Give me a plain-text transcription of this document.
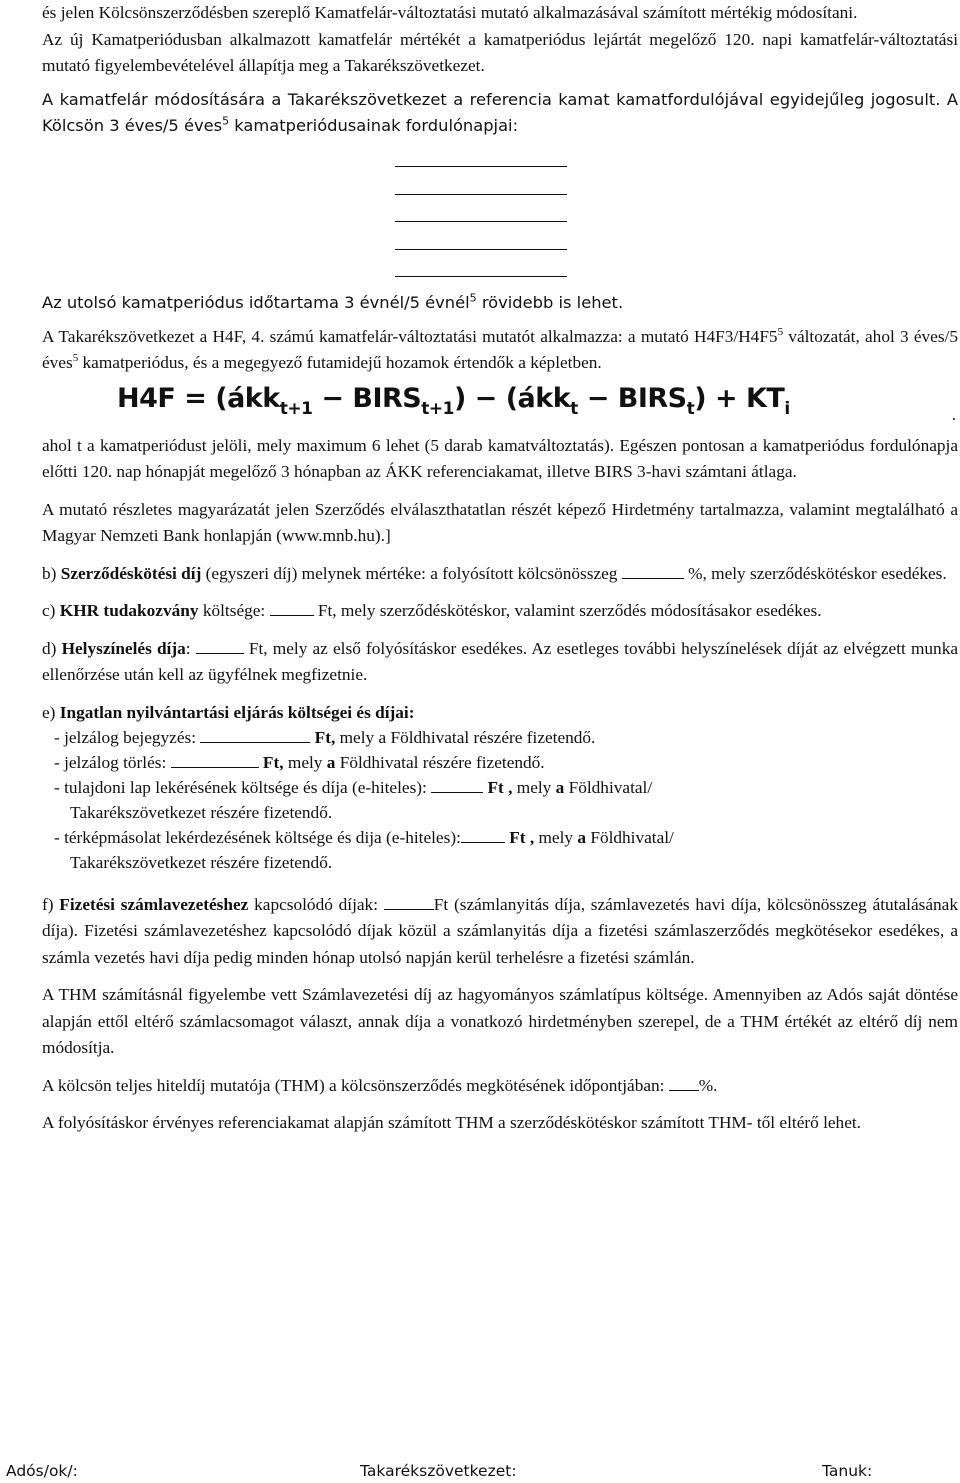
és jelen Kölcsönszerződésben szereplő Kamatfelár-változtatási mutató alkalmazásával számított mértékig módosítani.

Az új Kamatperiódusban alkalmazott kamatfelár mértékét a kamatperiódus lejártát megelőző 120. napi kamatfelár-változtatási mutató figyelembevételével állapítja meg a Takarékszövetkezet.

A kamatfelár módosítására a Takarékszövetkezet a referencia kamat kamatfordulójával egyidejűleg jogosult. A Kölcsön 3 éves/5 éves$^5$ kamatperiódusainak fordulónapjai:

Az utolsó kamatperiódus időtartama 3 évnél/5 évnél$^5$ rövidebb is lehet.

A Takarékszövetkezet a H4F, 4. számú kamatfelár-változtatási mutatót alkalmazza: a mutató $H4F3/H4F5^5$ változatát, ahol 3 éves/5 éves$^5$ kamatperiódus, és a megegyező futamidejű hozamok értendők a képletben.

H4F = (ákk$_{t+1}$ − $BIRS_{t+1}$) − (ákk$_t$ − $BIRS_t) + KT_i$	.

ahol t a kamatperiódust jelöli, mely maximum 6 lehet (5 darab kamatváltoztatás). Egészen pontosan a kamatperiódus fordulónapja előtti 120. nap hónapját megelőző 3 hónapban az ÁKK referenciakamat, illetve BIRS 3-havi számtani átlaga.

A mutató részletes magyarázatát jelen Szerződés elválaszthatatlan részét képező Hirdetmény tartalmazza, valamint megtalálható a Magyar Nemzeti Bank honlapján (www.mnb.hu).]

b) Szerződéskötési díj (egyszeri díj) melynek mértéke: a folyósított kölcsönösszeg	%, mely szerződéskötéskor esedékes.

c) KHR tudakozvány költsége:	Ft, mely szerződéskötéskor, valamint szerződés módosításakor esedékes.

d) Helyszínelés díja:	Ft, mely az első folyósításkor esedékes. Az esetleges további helyszínelések díját az elvégzett munka ellenőrzése után kell az ügyfélnek megfizetnie.

e) Ingatlan nyilvántartási eljárás költségei és díjai:

- jelzálog bejegyzés:	Ft, mely a Földhivatal részére fizetendő.
- jelzálog törlés:	Ft, mely a Földhivatal részére fizetendő.
- tulajdoni lap lekérésének költsége és díja (e-hiteles):	Ft , mely a Földhivatal/
Takarékszövetkezet részére fizetendő.
- térképmásolat lekérdezésének költsége és dija (e-hiteles):	Ft , mely a Földhivatal/
Takarékszövetkezet részére fizetendő.

f) Fizetési számlavezetéshez kapcsolódó díjak:	Ft (számlanyitás díja, számlavezetés havi díja, kölcsönösszeg átutalásának díja). Fizetési számlavezetéshez kapcsolódó díjak közül a számlanyitás díja a fizetési számlaszerződés megkötésekor esedékes, a számla vezetés havi díja pedig minden hónap utolsó napján kerül terhelésre a fizetési számlán.

A THM számításnál figyelembe vett Számlavezetési díj az hagyományos számlatípus költsége. Amennyiben az Adós saját döntése alapján ettől eltérő számlacsomagot választ, annak díja a vonatkozó hirdetményben szerepel, de a THM értékét az eltérő díj nem módosítja.

A kölcsön teljes hiteldíj mutatója (THM) a kölcsönszerződés megkötésének időpontjában: %.

A folyósításkor érvényes referenciakamat alapján számított THM a szerződéskötéskor számított THM- től eltérő lehet.

Adós/ok/:	Takarékszövetkezet:	Tanuk:
